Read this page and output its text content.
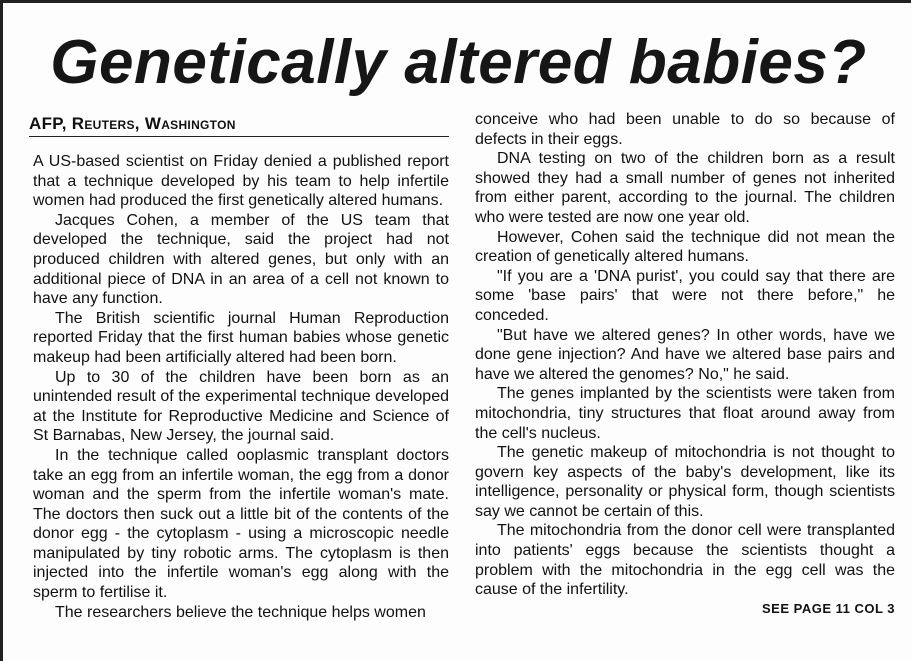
Genetically altered babies?
AFP, Reuters, Washington

A US-based scientist on Friday denied a published report that a technique developed by his team to help infertile women had produced the first genetically altered humans.

Jacques Cohen, a member of the US team that developed the technique, said the project had not produced children with altered genes, but only with an additional piece of DNA in an area of a cell not known to have any function.

The British scientific journal Human Reproduction reported Friday that the first human babies whose genetic makeup had been artificially altered had been born.

Up to 30 of the children have been born as an unintended result of the experimental technique developed at the Institute for Reproductive Medicine and Science of St Barnabas, New Jersey, the journal said.

In the technique called ooplasmic transplant doctors take an egg from an infertile woman, the egg from a donor woman and the sperm from the infertile woman's mate. The doctors then suck out a little bit of the contents of the donor egg - the cytoplasm - using a microscopic needle manipulated by tiny robotic arms. The cytoplasm is then injected into the infertile woman's egg along with the sperm to fertilise it.

The researchers believe the technique helps women

conceive who had been unable to do so because of defects in their eggs.

DNA testing on two of the children born as a result showed they had a small number of genes not inherited from either parent, according to the journal. The children who were tested are now one year old.

However, Cohen said the technique did not mean the creation of genetically altered humans.

"If you are a 'DNA purist', you could say that there are some 'base pairs' that were not there before," he conceded.

"But have we altered genes? In other words, have we done gene injection? And have we altered base pairs and have we altered the genomes? No," he said.

The genes implanted by the scientists were taken from mitochondria, tiny structures that float around away from the cell's nucleus.

The genetic makeup of mitochondria is not thought to govern key aspects of the baby's development, like its intelligence, personality or physical form, though scientists say we cannot be certain of this.

The mitochondria from the donor cell were transplanted into patients' eggs because the scientists thought a problem with the mitochondria in the egg cell was the cause of the infertility.

SEE PAGE 11 COL 3
